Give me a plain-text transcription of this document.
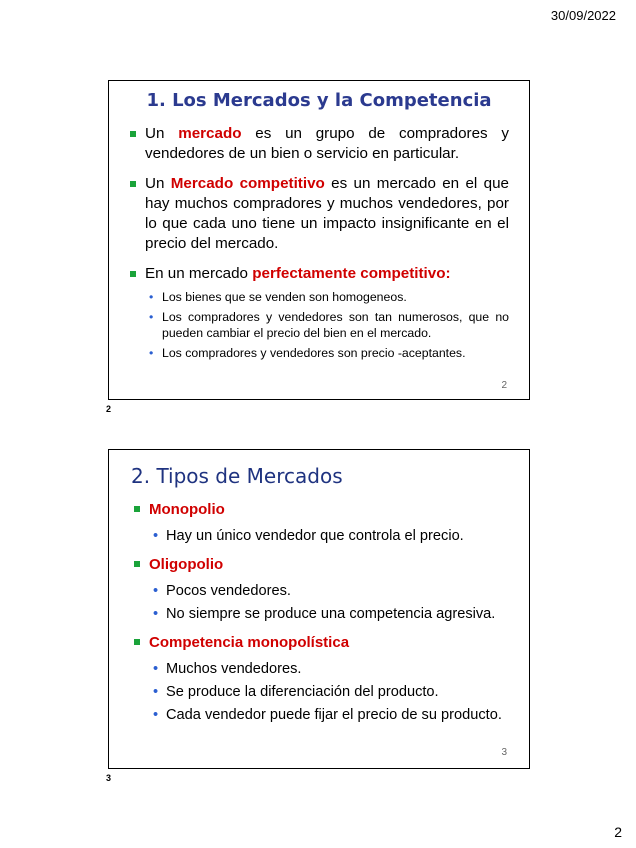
30/09/2022
1. Los Mercados y la Competencia
Un mercado es un grupo de compradores y vendedores de un bien o servicio en particular.
Un Mercado competitivo es un mercado en el que hay muchos compradores y muchos vendedores, por lo que cada uno tiene un impacto insignificante en el precio del mercado.
En un mercado perfectamente competitivo:
• Los bienes que se venden son homogeneos.
• Los compradores y vendedores son tan numerosos, que no pueden cambiar el precio del bien en el mercado.
• Los compradores y vendedores son precio -aceptantes.
2
2
2. Tipos de Mercados
Monopolio
• Hay un único vendedor que controla el precio.
Oligopolio
• Pocos vendedores.
• No siempre se produce una competencia agresiva.
Competencia monopolística
• Muchos vendedores.
• Se produce la diferenciación del producto.
• Cada vendedor puede fijar el precio de su producto.
3
3
2
